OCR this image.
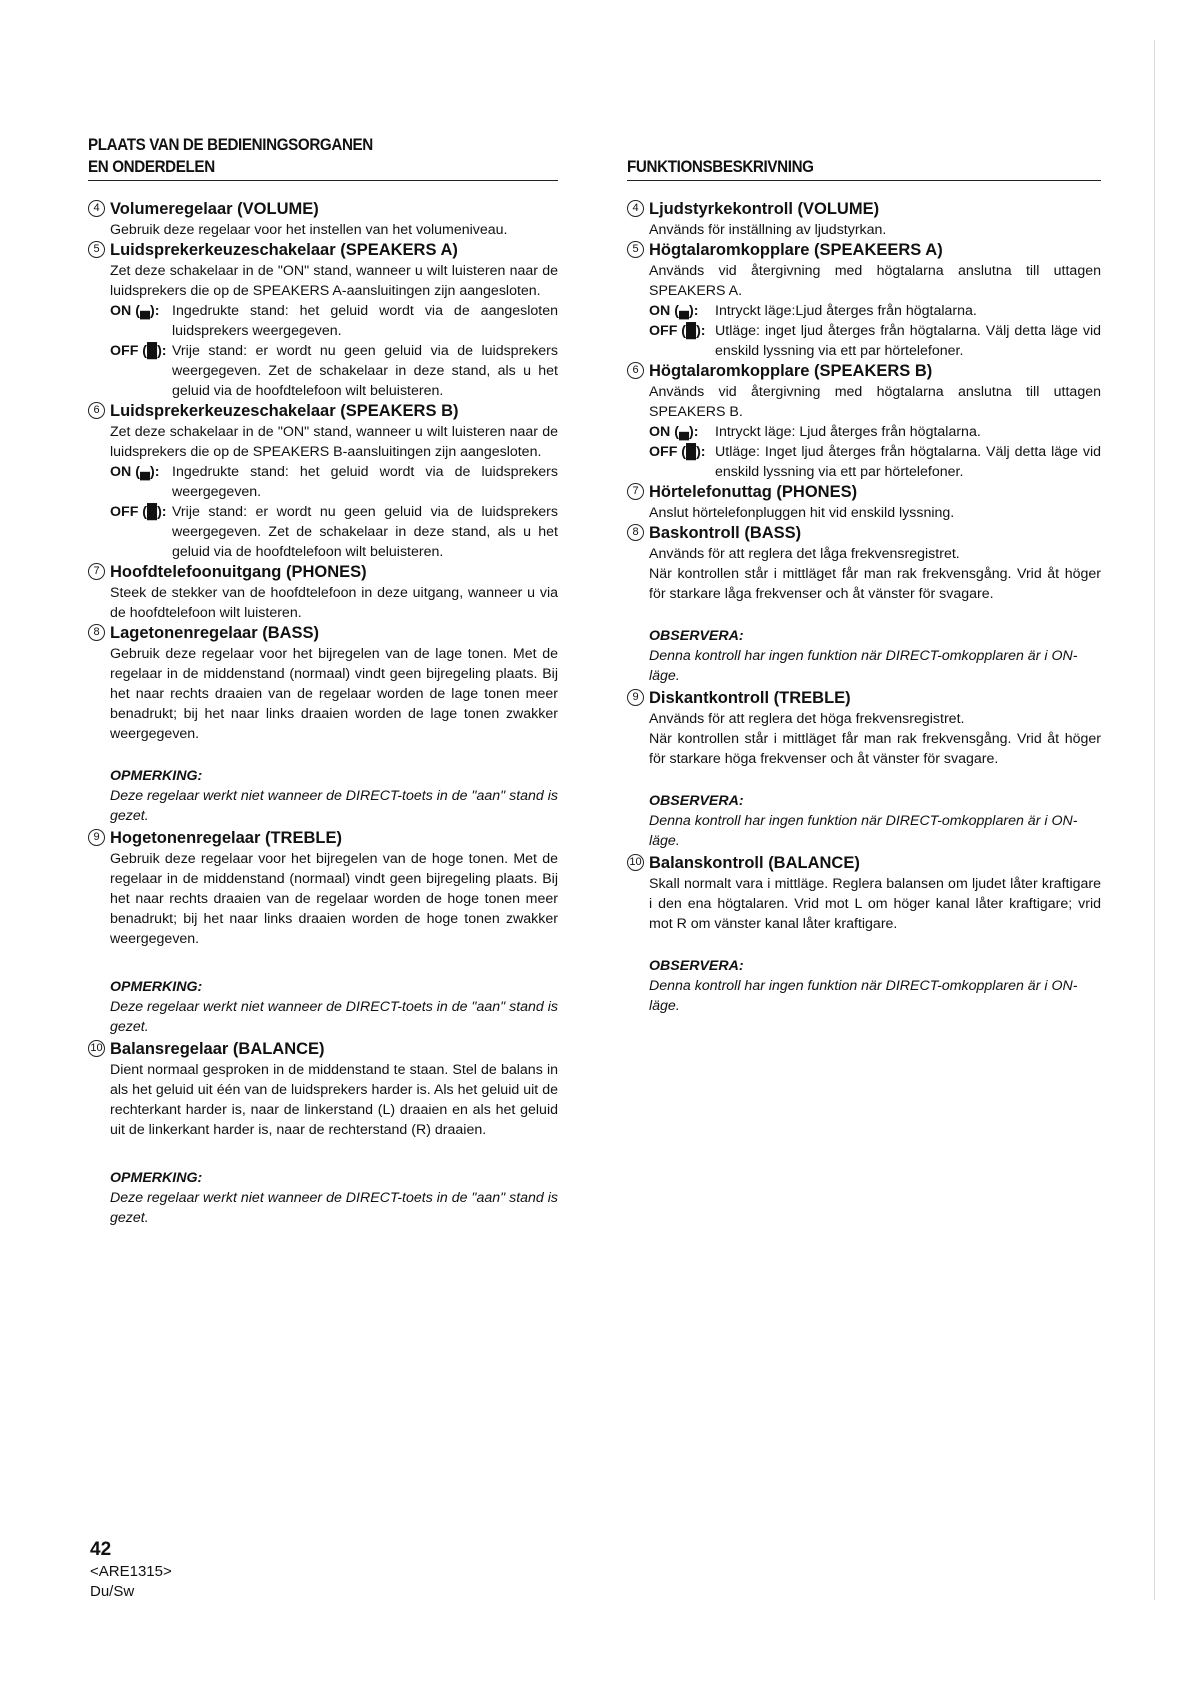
PLAATS VAN DE BEDIENINGSORGANEN
EN ONDERDELEN
4 Volumeregelaar (VOLUME)

Gebruik deze regelaar voor het instellen van het volumeniveau.

5 Luidsprekerkeuzeschakelaar (SPEAKERS A)

Zet deze schakelaar in de "ON" stand, wanneer u wilt luisteren naar de luidsprekers die op de SPEAKERS A-aansluitingen zijn aangesloten.

ON (▄): Ingedrukte stand: het geluid wordt via de aangesloten luidsprekers weergegeven.
OFF (█): Vrije stand: er wordt nu geen geluid via de luidsprekers weergegeven. Zet de schakelaar in deze stand, als u het geluid via de hoofdtelefoon wilt beluisteren.
6 Luidsprekerkeuzeschakelaar (SPEAKERS B)

Zet deze schakelaar in de "ON" stand, wanneer u wilt luisteren naar de luidsprekers die op de SPEAKERS B-aansluitingen zijn aangesloten.

ON (▄): Ingedrukte stand: het geluid wordt via de luidsprekers weergegeven.
OFF (█): Vrije stand: er wordt nu geen geluid via de luidsprekers weergegeven. Zet de schakelaar in deze stand, als u het geluid via de hoofdtelefoon wilt beluisteren.
7 Hoofdtelefoonuitgang (PHONES)

Steek de stekker van de hoofdtelefoon in deze uitgang, wanneer u via de hoofdtelefoon wilt luisteren.

8 Lagetonenregelaar (BASS)

Gebruik deze regelaar voor het bijregelen van de lage tonen. Met de regelaar in de middenstand (normaal) vindt geen bijregeling plaats. Bij het naar rechts draaien van de regelaar worden de lage tonen meer benadrukt; bij het naar links draaien worden de lage tonen zwakker weergegeven.

OPMERKING:
Deze regelaar werkt niet wanneer de DIRECT-toets in de "aan" stand is gezet.
9 Hogetonenregelaar (TREBLE)

Gebruik deze regelaar voor het bijregelen van de hoge tonen. Met de regelaar in de middenstand (normaal) vindt geen bijregeling plaats. Bij het naar rechts draaien van de regelaar worden de hoge tonen meer benadrukt; bij het naar links draaien worden de hoge tonen zwakker weergegeven.

OPMERKING:
Deze regelaar werkt niet wanneer de DIRECT-toets in de "aan" stand is gezet.
10 Balansregelaar (BALANCE)

Dient normaal gesproken in de middenstand te staan. Stel de balans in als het geluid uit één van de luidsprekers harder is. Als het geluid uit de rechterkant harder is, naar de linkerstand (L) draaien en als het geluid uit de linkerkant harder is, naar de rechterstand (R) draaien.

OPMERKING:
Deze regelaar werkt niet wanneer de DIRECT-toets in de "aan" stand is gezet.
FUNKTIONSBESKRIVNING
4 Ljudstyrkekontroll (VOLUME)

Används för inställning av ljudstyrkan.

5 Högtalaromkopplare (SPEAKEERS A)

Används vid återgivning med högtalarna anslutna till uttagen SPEAKERS A.

ON (▄):	Intryckt läge:Ljud återges från högtalarna.
OFF (█): Utläge: inget ljud återges från högtalarna. Välj detta läge vid enskild lyssning via ett par hörtelefoner.
6 Högtalaromkopplare (SPEAKERS B)

Används vid återgivning med högtalarna anslutna till uttagen SPEAKERS B.

ON (▄):	Intryckt läge: Ljud återges från högtalarna.
OFF (█): Utläge: Inget ljud återges från högtalarna. Välj detta läge vid enskild lyssning via ett par hörtelefoner.
7 Hörtelefonuttag (PHONES)

Anslut hörtelefonpluggen hit vid enskild lyssning.

8 Baskontroll (BASS)

Används för att reglera det låga frekvensregistret.

När kontrollen står i mittläget får man rak frekvensgång. Vrid åt höger för starkare låga frekvenser och åt vänster för svagare.

OBSERVERA:
Denna kontroll har ingen funktion när DIRECT-omkopplaren är i ON-läge.
9 Diskantkontroll (TREBLE)

Används för att reglera det höga frekvensregistret.

När kontrollen står i mittläget får man rak frekvensgång. Vrid åt höger för starkare höga frekvenser och åt vänster för svagare.

OBSERVERA:
Denna kontroll har ingen funktion när DIRECT-omkopplaren är i ON-läge.
10 Balanskontroll (BALANCE)

Skall normalt vara i mittläge. Reglera balansen om ljudet låter kraftigare i den ena högtalaren. Vrid mot L om höger kanal låter kraftigare; vrid mot R om vänster kanal låter kraftigare.

OBSERVERA:
Denna kontroll har ingen funktion när DIRECT-omkopplaren är i ON-läge.
42
<ARE1315>
Du/Sw
